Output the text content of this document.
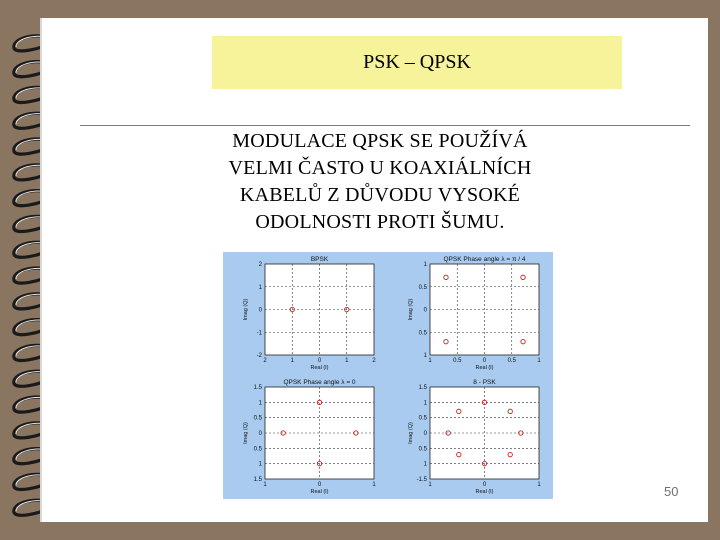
PSK – QPSK
MODULACE QPSK SE POUŽÍVÁ
VELMI ČASTO U KOAXIÁLNÍCH
KABELŮ Z DŮVODU VYSOKÉ
ODOLNOSTI PROTI ŠUMU.
BPSK
2	1	0	1	2
2
1
0
-1
-2
Real (I)
Imag (Q)
QPSK Phase angle λ = π / 4
1	0.5	0	0.5	1
1
0.5
0
0.5
1
Real (I)
Imag (Q)
QPSK Phase angle λ = 0
1	0	1
1.5
1
0.5
0
0.5
1
1.5
Real (I)
Imag (Q)
8 - PSK
1	0	1
1.5
1
0.5
0
0.5
1
-1.5
Real (I)
Imag (Q)
50
